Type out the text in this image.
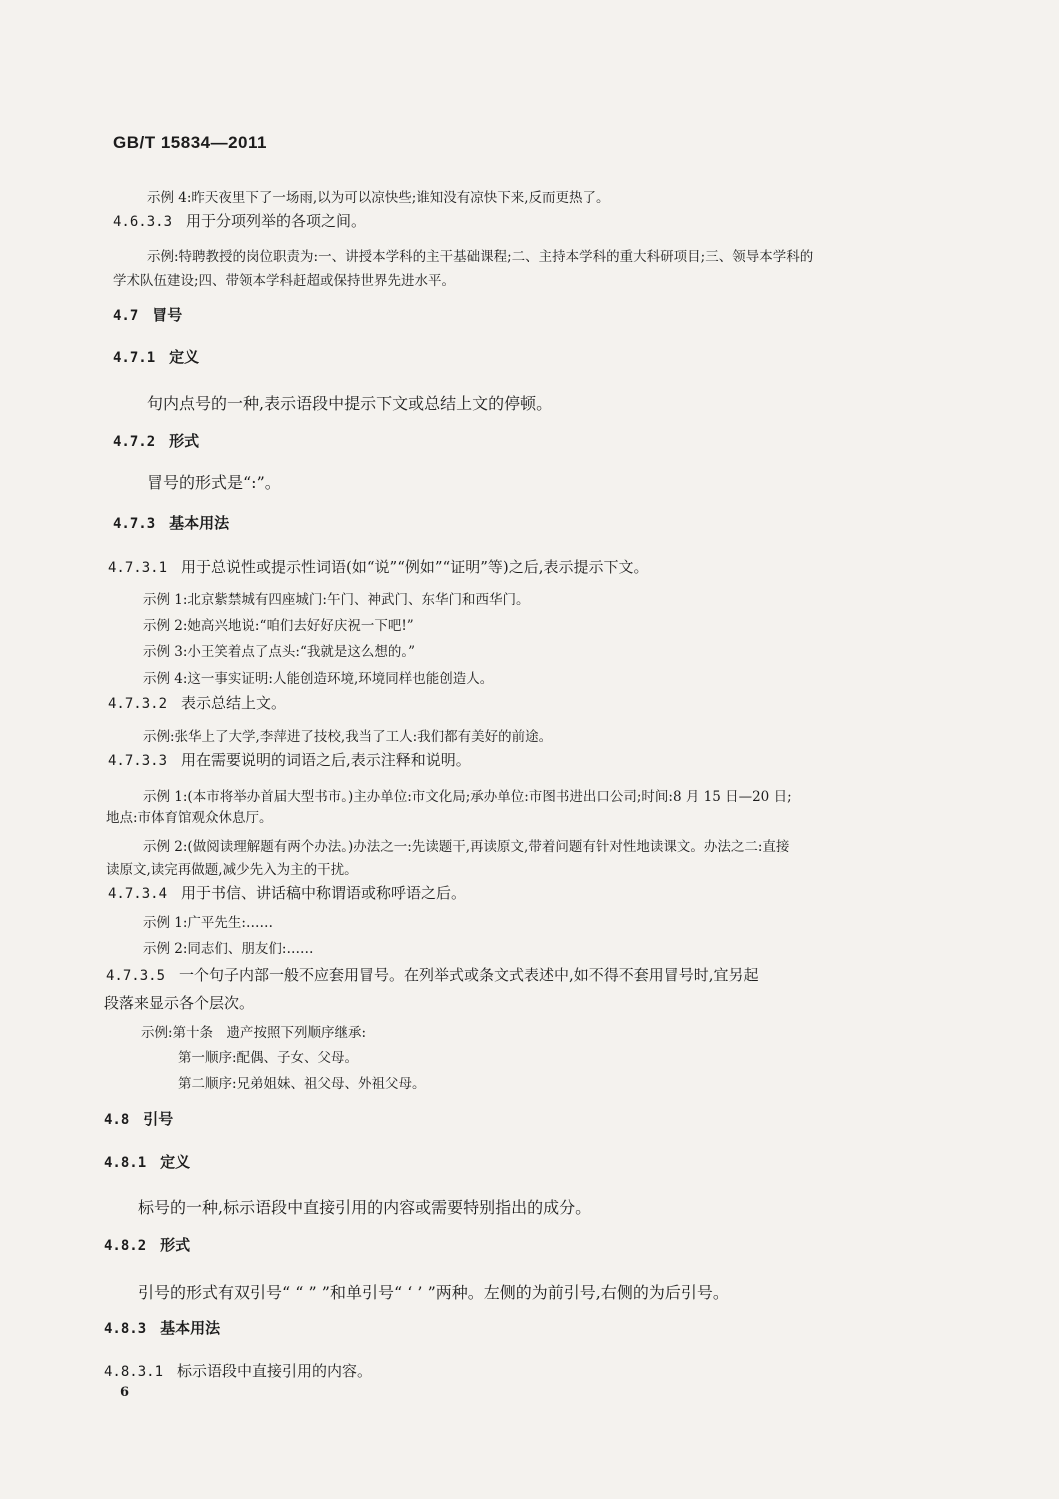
GB/T 15834—2011
示例 4:昨天夜里下了一场雨,以为可以凉快些;谁知没有凉快下来,反而更热了。
4.6.3.3 用于分项列举的各项之间。
示例:特聘教授的岗位职责为:一、讲授本学科的主干基础课程;二、主持本学科的重大科研项目;三、领导本学科的
学术队伍建设;四、带领本学科赶超或保持世界先进水平。
4.7 冒号
4.7.1 定义
句内点号的一种,表示语段中提示下文或总结上文的停顿。
4.7.2 形式
冒号的形式是“:”。
4.7.3 基本用法
4.7.3.1 用于总说性或提示性词语(如“说”“例如”“证明”等)之后,表示提示下文。
示例 1:北京紫禁城有四座城门:午门、神武门、东华门和西华门。
示例 2:她高兴地说:“咱们去好好庆祝一下吧!”
示例 3:小王笑着点了点头:“我就是这么想的。”
示例 4:这一事实证明:人能创造环境,环境同样也能创造人。
4.7.3.2 表示总结上文。
示例:张华上了大学,李萍进了技校,我当了工人:我们都有美好的前途。
4.7.3.3 用在需要说明的词语之后,表示注释和说明。
示例 1:(本市将举办首届大型书市。)主办单位:市文化局;承办单位:市图书进出口公司;时间:8 月 15 日—20 日;
地点:市体育馆观众休息厅。
示例 2:(做阅读理解题有两个办法。)办法之一:先读题干,再读原文,带着问题有针对性地读课文。办法之二:直接
读原文,读完再做题,减少先入为主的干扰。
4.7.3.4 用于书信、讲话稿中称谓语或称呼语之后。
示例 1:广平先生:……
示例 2:同志们、朋友们:……
4.7.3.5 一个句子内部一般不应套用冒号。在列举式或条文式表述中,如不得不套用冒号时,宜另起
段落来显示各个层次。
示例:第十条　遗产按照下列顺序继承:
第一顺序:配偶、子女、父母。
第二顺序:兄弟姐妹、祖父母、外祖父母。
4.8 引号
4.8.1 定义
标号的一种,标示语段中直接引用的内容或需要特别指出的成分。
4.8.2 形式
引号的形式有双引号“ “ ” ”和单引号“ ‘ ’ ”两种。左侧的为前引号,右侧的为后引号。
4.8.3 基本用法
4.8.3.1 标示语段中直接引用的内容。
6
